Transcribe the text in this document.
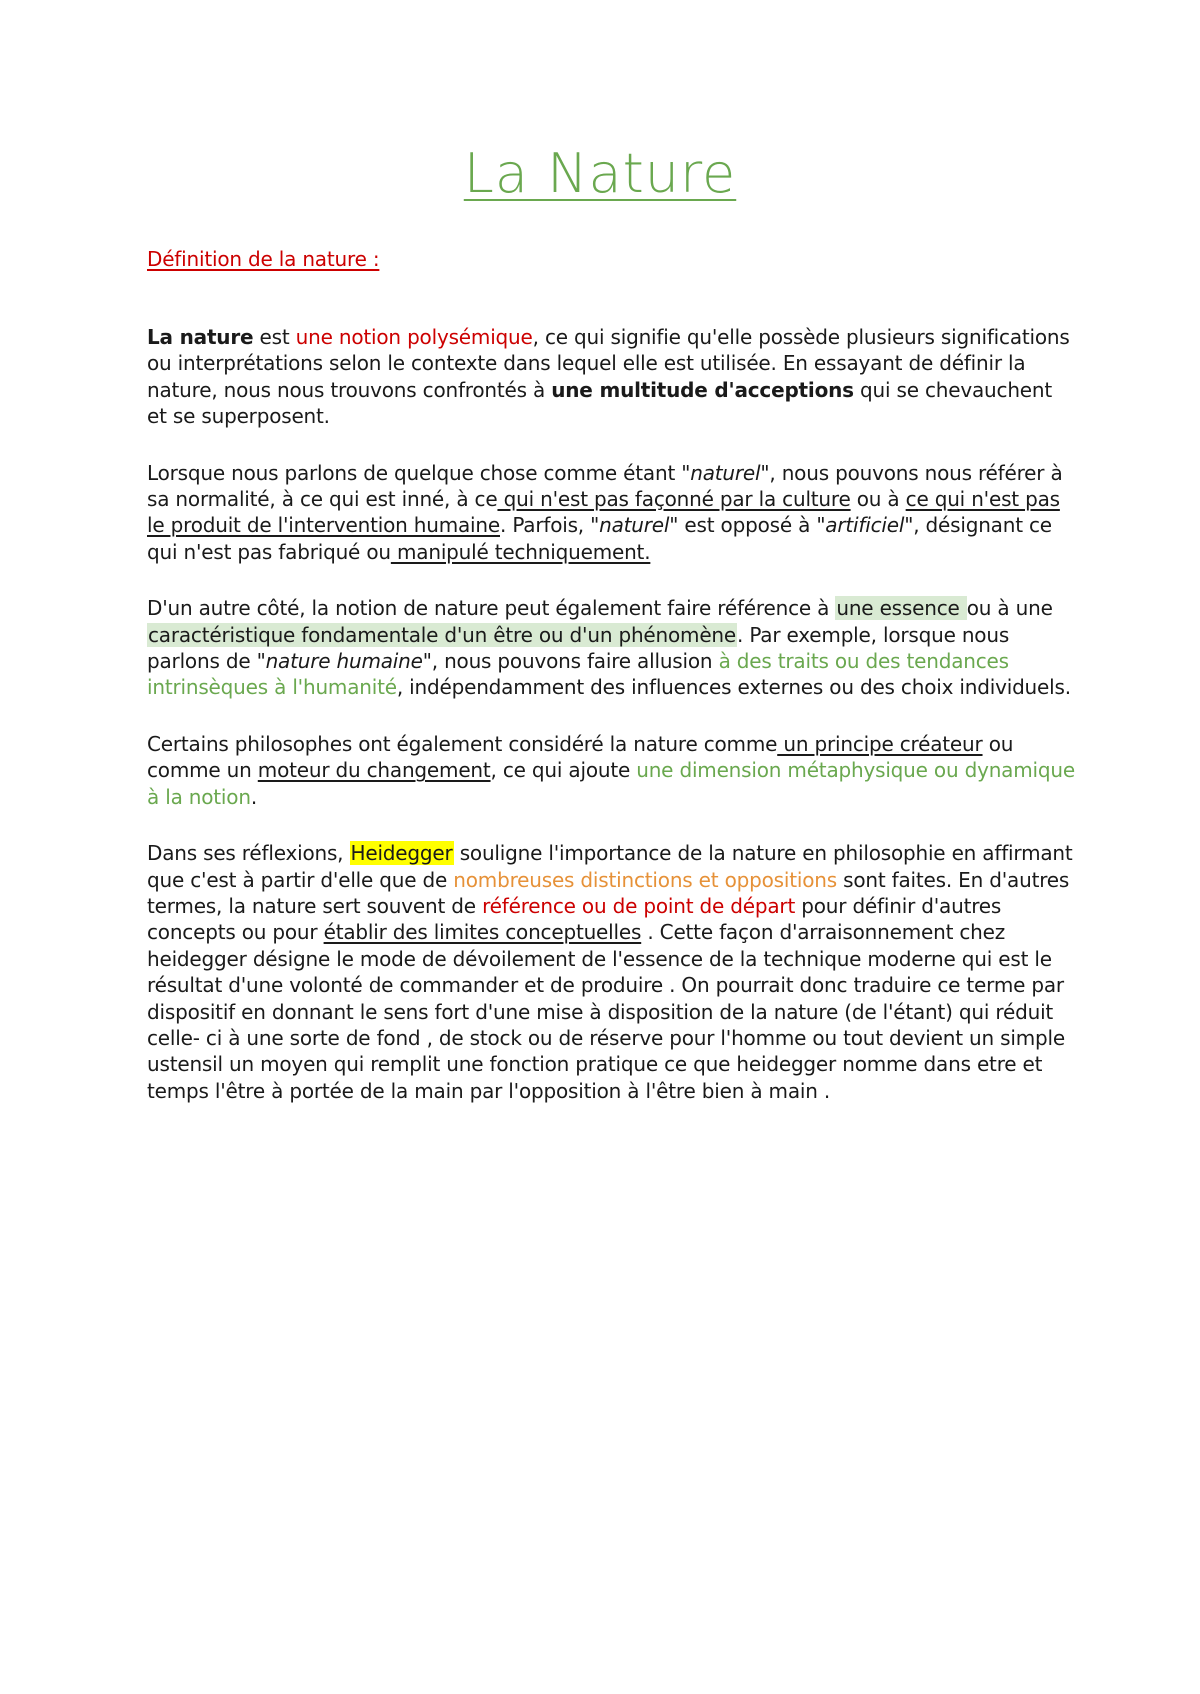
La Nature
Définition de la nature :

La nature est une notion polysémique, ce qui signifie qu'elle possède plusieurs significations ou interprétations selon le contexte dans lequel elle est utilisée. En essayant de définir la nature, nous nous trouvons confrontés à une multitude d'acceptions qui se chevauchent et se superposent.

Lorsque nous parlons de quelque chose comme étant "naturel", nous pouvons nous référer à sa normalité, à ce qui est inné, à ce qui n'est pas façonné par la culture ou à ce qui n'est pas le produit de l'intervention humaine. Parfois, "naturel" est opposé à "artificiel", désignant ce qui n'est pas fabriqué ou manipulé techniquement.

D'un autre côté, la notion de nature peut également faire référence à une essence ou à une caractéristique fondamentale d'un être ou d'un phénomène. Par exemple, lorsque nous parlons de "nature humaine", nous pouvons faire allusion à des traits ou des tendances intrinsèques à l'humanité, indépendamment des influences externes ou des choix individuels.

Certains philosophes ont également considéré la nature comme un principe créateur ou comme un moteur du changement, ce qui ajoute une dimension métaphysique ou dynamique à la notion.

Dans ses réflexions, Heidegger souligne l'importance de la nature en philosophie en affirmant que c'est à partir d'elle que de nombreuses distinctions et oppositions sont faites. En d'autres termes, la nature sert souvent de référence ou de point de départ pour définir d'autres concepts ou pour établir des limites conceptuelles . Cette façon d'arraisonnement chez heidegger désigne le mode de dévoilement de l'essence de la technique moderne qui est le résultat d'une volonté de commander et de produire . On pourrait donc traduire ce terme par dispositif en donnant le sens fort d'une mise à disposition de la nature (de l'étant) qui réduit celle- ci à une sorte de fond , de stock ou de réserve pour l'homme ou tout devient un simple ustensil un moyen qui remplit une fonction pratique ce que heidegger nomme dans etre et temps l'être à portée de la main par l'opposition à l'être bien à main .
